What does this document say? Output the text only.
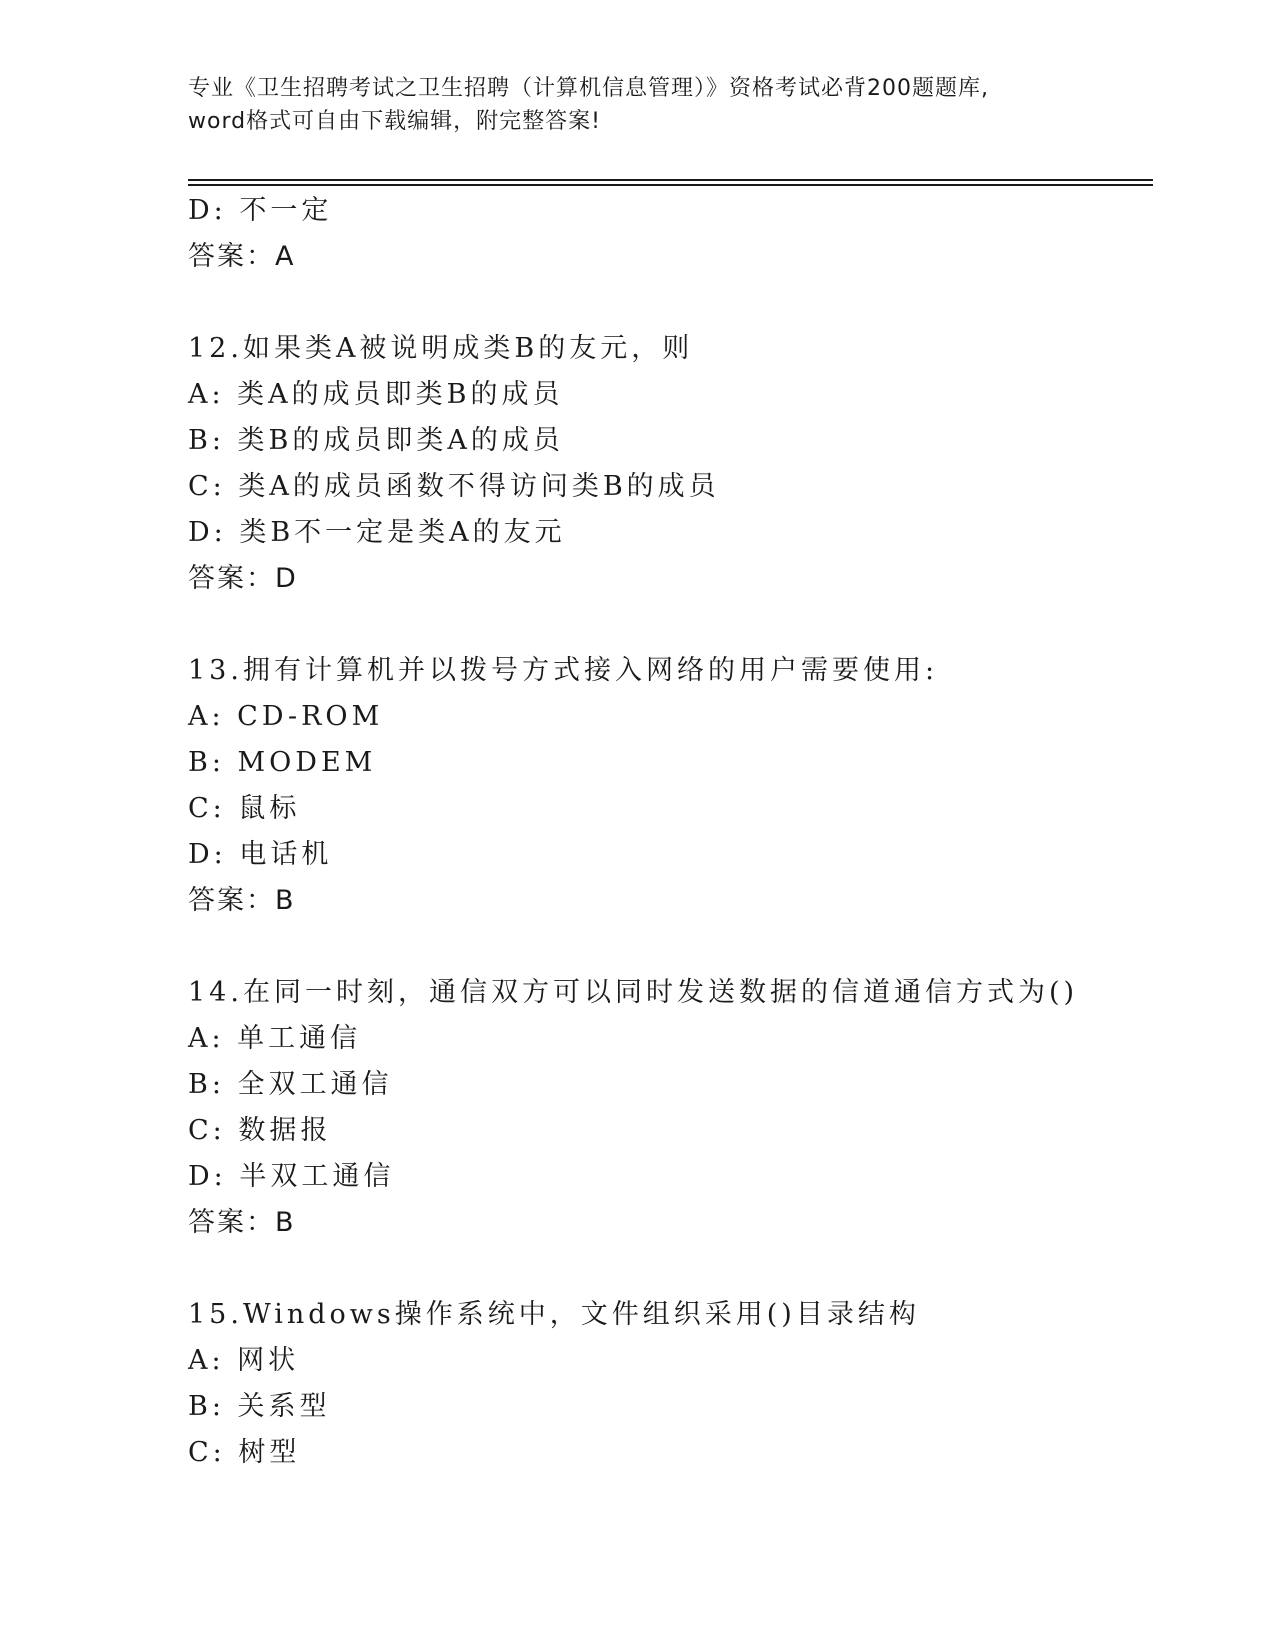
专业《卫生招聘考试之卫生招聘（计算机信息管理）》资格考试必背200题题库,
word格式可自由下载编辑，附完整答案!
D: 不一定
答案：A
12.如果类A被说明成类B的友元，则
A: 类A的成员即类B的成员
B: 类B的成员即类A的成员
C: 类A的成员函数不得访问类B的成员
D: 类B不一定是类A的友元
答案：D
13.拥有计算机并以拨号方式接入网络的用户需要使用:
A: CD-ROM
B: MODEM
C: 鼠标
D: 电话机
答案：B
14.在同一时刻，通信双方可以同时发送数据的信道通信方式为()
A: 单工通信
B: 全双工通信
C: 数据报
D: 半双工通信
答案：B
15.Windows操作系统中，文件组织采用()目录结构
A: 网状
B: 关系型
C: 树型
